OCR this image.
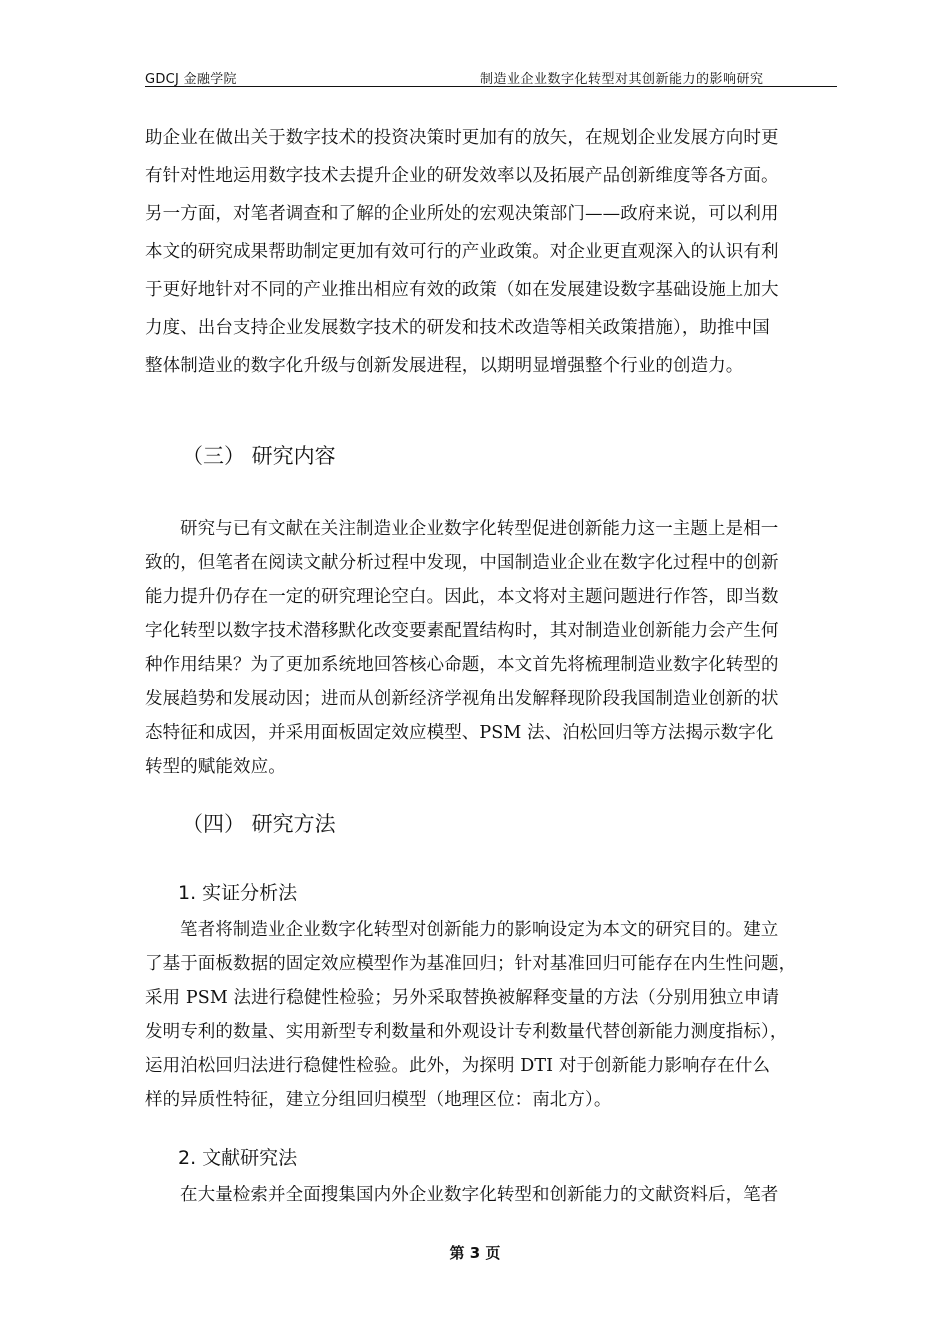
GDCJ 金融学院	制造业企业数字化转型对其创新能力的影响研究
助企业在做出关于数字技术的投资决策时更加有的放矢，在规划企业发展方向时更
有针对性地运用数字技术去提升企业的研发效率以及拓展产品创新维度等各方面。
另一方面，对笔者调查和了解的企业所处的宏观决策部门——政府来说，可以利用
本文的研究成果帮助制定更加有效可行的产业政策。对企业更直观深入的认识有利
于更好地针对不同的产业推出相应有效的政策（如在发展建设数字基础设施上加大
力度、出台支持企业发展数字技术的研发和技术改造等相关政策措施），助推中国
整体制造业的数字化升级与创新发展进程，以期明显增强整个行业的创造力。
（三） 研究内容
研究与已有文献在关注制造业企业数字化转型促进创新能力这一主题上是相一
致的，但笔者在阅读文献分析过程中发现，中国制造业企业在数字化过程中的创新
能力提升仍存在一定的研究理论空白。因此，本文将对主题问题进行作答，即当数
字化转型以数字技术潜移默化改变要素配置结构时，其对制造业创新能力会产生何
种作用结果？为了更加系统地回答核心命题，本文首先将梳理制造业数字化转型的
发展趋势和发展动因；进而从创新经济学视角出发解释现阶段我国制造业创新的状
态特征和成因，并采用面板固定效应模型、PSM 法、泊松回归等方法揭示数字化
转型的赋能效应。
（四） 研究方法
1. 实证分析法
笔者将制造业企业数字化转型对创新能力的影响设定为本文的研究目的。建立
了基于面板数据的固定效应模型作为基准回归；针对基准回归可能存在内生性问题，
采用 PSM 法进行稳健性检验；另外采取替换被解释变量的方法（分别用独立申请
发明专利的数量、实用新型专利数量和外观设计专利数量代替创新能力测度指标），
运用泊松回归法进行稳健性检验。此外，为探明 DTI 对于创新能力影响存在什么
样的异质性特征，建立分组回归模型（地理区位：南北方）。
2. 文献研究法
在大量检索并全面搜集国内外企业数字化转型和创新能力的文献资料后，笔者
第 3 页
